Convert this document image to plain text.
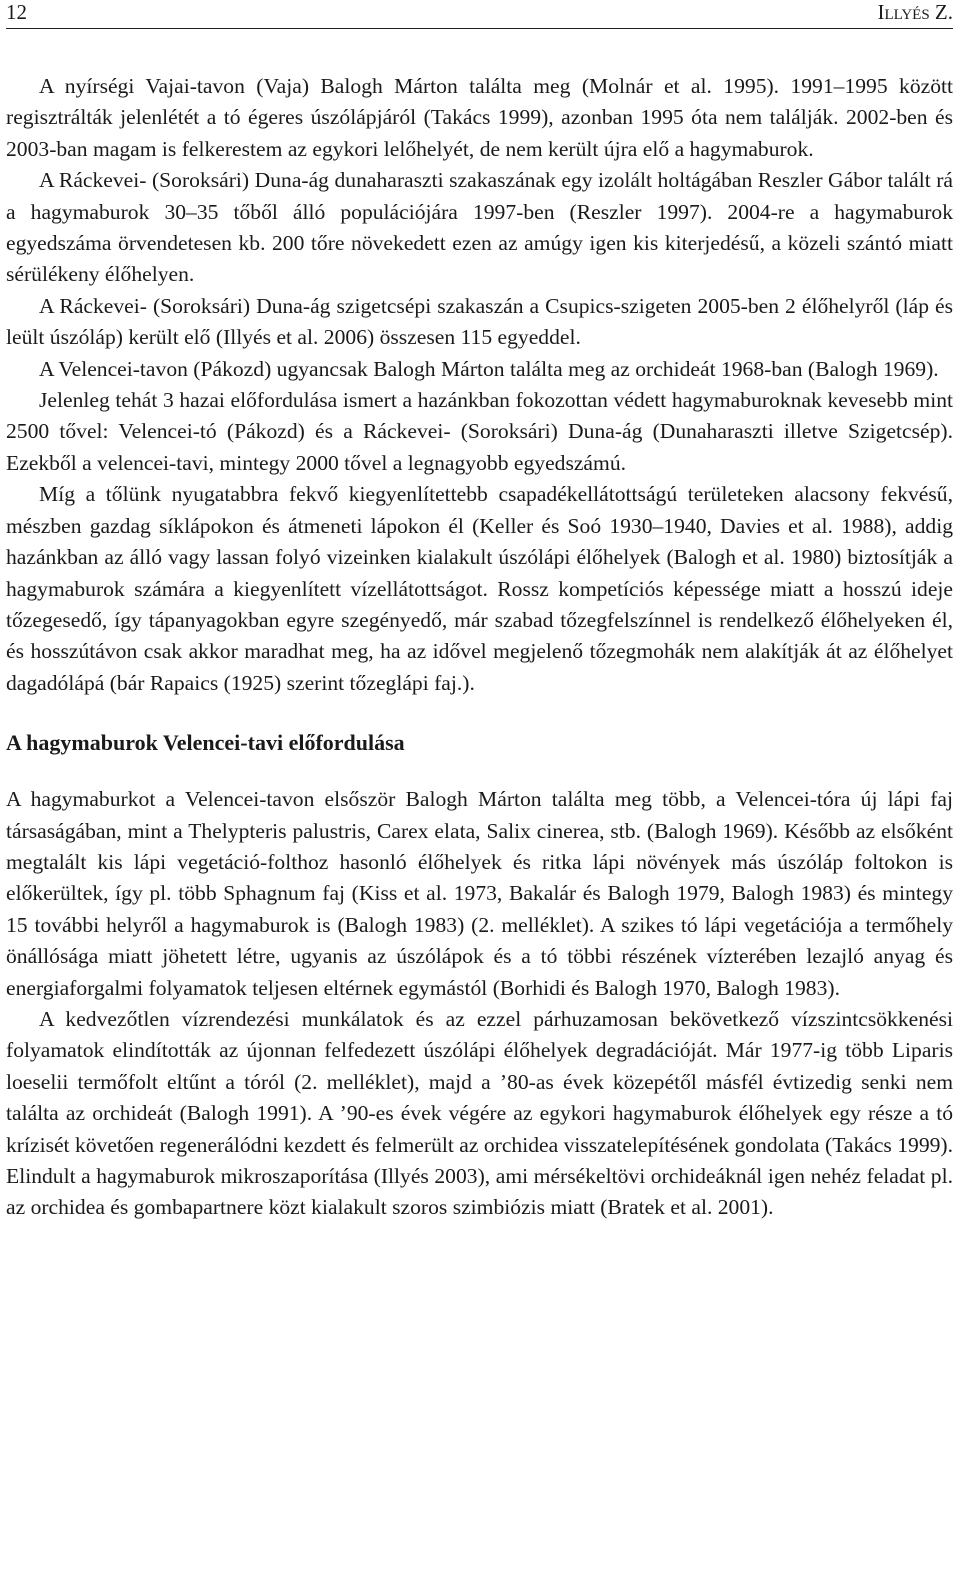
12	Illyés Z.

A nyírségi Vajai-tavon (Vaja) Balogh Márton találta meg (Molnár et al. 1995). 1991–1995 között regisztrálták jelenlétét a tó égeres úszólápjáról (Takács 1999), azonban 1995 óta nem találják. 2002-ben és 2003-ban magam is felkerestem az egykori lelőhelyét, de nem került újra elő a hagymaburok.

A Ráckevei- (Soroksári) Duna-ág dunaharaszti szakaszának egy izolált holtágában Reszler Gábor talált rá a hagymaburok 30–35 tőből álló populációjára 1997-ben (Reszler 1997). 2004-re a hagymaburok egyedszáma örvendetesen kb. 200 tőre növekedett ezen az amúgy igen kis kiterjedésű, a közeli szántó miatt sérülékeny élőhelyen.

A Ráckevei- (Soroksári) Duna-ág szigetcsépi szakaszán a Csupics-szigeten 2005-ben 2 élőhelyről (láp és leült úszóláp) került elő (Illyés et al. 2006) összesen 115 egyeddel.

A Velencei-tavon (Pákozd) ugyancsak Balogh Márton találta meg az orchideát 1968-ban (Balogh 1969).

Jelenleg tehát 3 hazai előfordulása ismert a hazánkban fokozottan védett hagymaburoknak kevesebb mint 2500 tővel: Velencei-tó (Pákozd) és a Ráckevei- (Soroksári) Duna-ág (Dunaharaszti illetve Szigetcsép). Ezekből a velencei-tavi, mintegy 2000 tővel a legnagyobb egyedszámú.

Míg a tőlünk nyugatabbra fekvő kiegyenlítettebb csapadékellátottságú területeken alacsony fekvésű, mészben gazdag síklápokon és átmeneti lápokon él (Keller és Soó 1930–1940, Davies et al. 1988), addig hazánkban az álló vagy lassan folyó vizeinken kialakult úszólápi élőhelyek (Balogh et al. 1980) biztosítják a hagymaburok számára a kiegyenlített vízellátottságot. Rossz kompetíciós képessége miatt a hosszú ideje tőzegesedő, így tápanyagokban egyre szegényedő, már szabad tőzegfelszínnel is rendelkező élőhelyeken él, és hosszútávon csak akkor maradhat meg, ha az idővel megjelenő tőzegmohák nem alakítják át az élőhelyet dagadólápá (bár Rapaics (1925) szerint tőzeglápi faj.).

A hagymaburok Velencei-tavi előfordulása

A hagymaburkot a Velencei-tavon elsőször Balogh Márton találta meg több, a Velencei-tóra új lápi faj társaságában, mint a Thelypteris palustris, Carex elata, Salix cinerea, stb. (Balogh 1969). Később az elsőként megtalált kis lápi vegetáció-folthoz hasonló élőhelyek és ritka lápi növények más úszóláp foltokon is előkerültek, így pl. több Sphagnum faj (Kiss et al. 1973, Bakalár és Balogh 1979, Balogh 1983) és mintegy 15 további helyről a hagymaburok is (Balogh 1983) (2. melléklet). A szikes tó lápi vegetációja a termőhely önállósága miatt jöhetett létre, ugyanis az úszólápok és a tó többi részének vízterében lezajló anyag és energiaforgalmi folyamatok teljesen eltérnek egymástól (Borhidi és Balogh 1970, Balogh 1983).

A kedvezőtlen vízrendezési munkálatok és az ezzel párhuzamosan bekövetkező vízszintcsökkenési folyamatok elindították az újonnan felfedezett úszólápi élőhelyek degradációját. Már 1977-ig több Liparis loeselii termőfolt eltűnt a tóról (2. melléklet), majd a ’80-as évek közepétől másfél évtizedig senki nem találta az orchideát (Balogh 1991). A ’90-es évek végére az egykori hagymaburok élőhelyek egy része a tó krízisét követően regenerálódni kezdett és felmerült az orchidea visszatelepítésének gondolata (Takács 1999). Elindult a hagymaburok mikroszaporítása (Illyés 2003), ami mérsékeltövi orchideáknál igen nehéz feladat pl. az orchidea és gombapartnere közt kialakult szoros szimbiózis miatt (Bratek et al. 2001).
